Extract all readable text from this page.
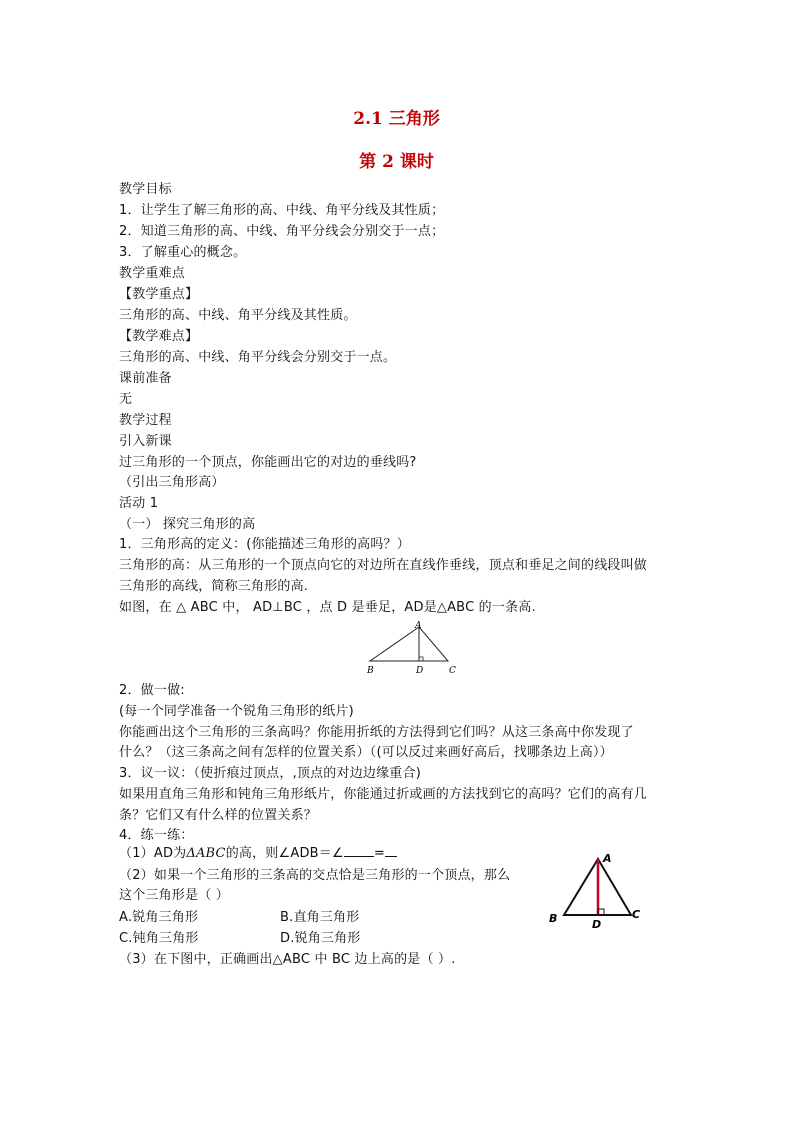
2.1 三角形
第 2 课时
教学目标
1．让学生了解三角形的高、中线、角平分线及其性质；
2．知道三角形的高、中线、角平分线会分别交于一点；
3．了解重心的概念。
教学重难点
【教学重点】
三角形的高、中线、角平分线及其性质。
【教学难点】
三角形的高、中线、角平分线会分别交于一点。
课前准备
无
教学过程
引入新课
过三角形的一个顶点，你能画出它的对边的垂线吗?
（引出三角形高）
活动 1
（一） 探究三角形的高
1．三角形高的定义：(你能描述三角形的高吗？）
三角形的高：从三角形的一个顶点向它的对边所在直线作垂线，顶点和垂足之间的线段叫做
三角形的高线，简称三角形的高.
如图，在 △ ABC 中， AD⊥BC ，点 D 是垂足，AD是△ABC 的一条高.
A
B	D	C
2．做一做:
(每一个同学准备一个锐角三角形的纸片)
你能画出这个三角形的三条高吗？你能用折纸的方法得到它们吗？从这三条高中你发现了
什么？（这三条高之间有怎样的位置关系）（(可以反过来画好高后，找哪条边上高））
3．议一议：（使折痕过顶点，,顶点的对边边缘重合)
如果用直角三角形和钝角三角形纸片，你能通过折或画的方法找到它的高吗？它们的高有几
条？它们又有什么样的位置关系？
4．练一练：
（1）AD为ΔABC的高，则∠ADB＝∠ =
（2）如果一个三角形的三条高的交点恰是三角形的一个顶点，那么
这个三角形是（ ）
A.锐角三角形	B.直角三角形
C.钝角三角形	D.锐角三角形
（3）在下图中，正确画出△ABC 中 BC 边上高的是（ ）.
A
B	D
C
